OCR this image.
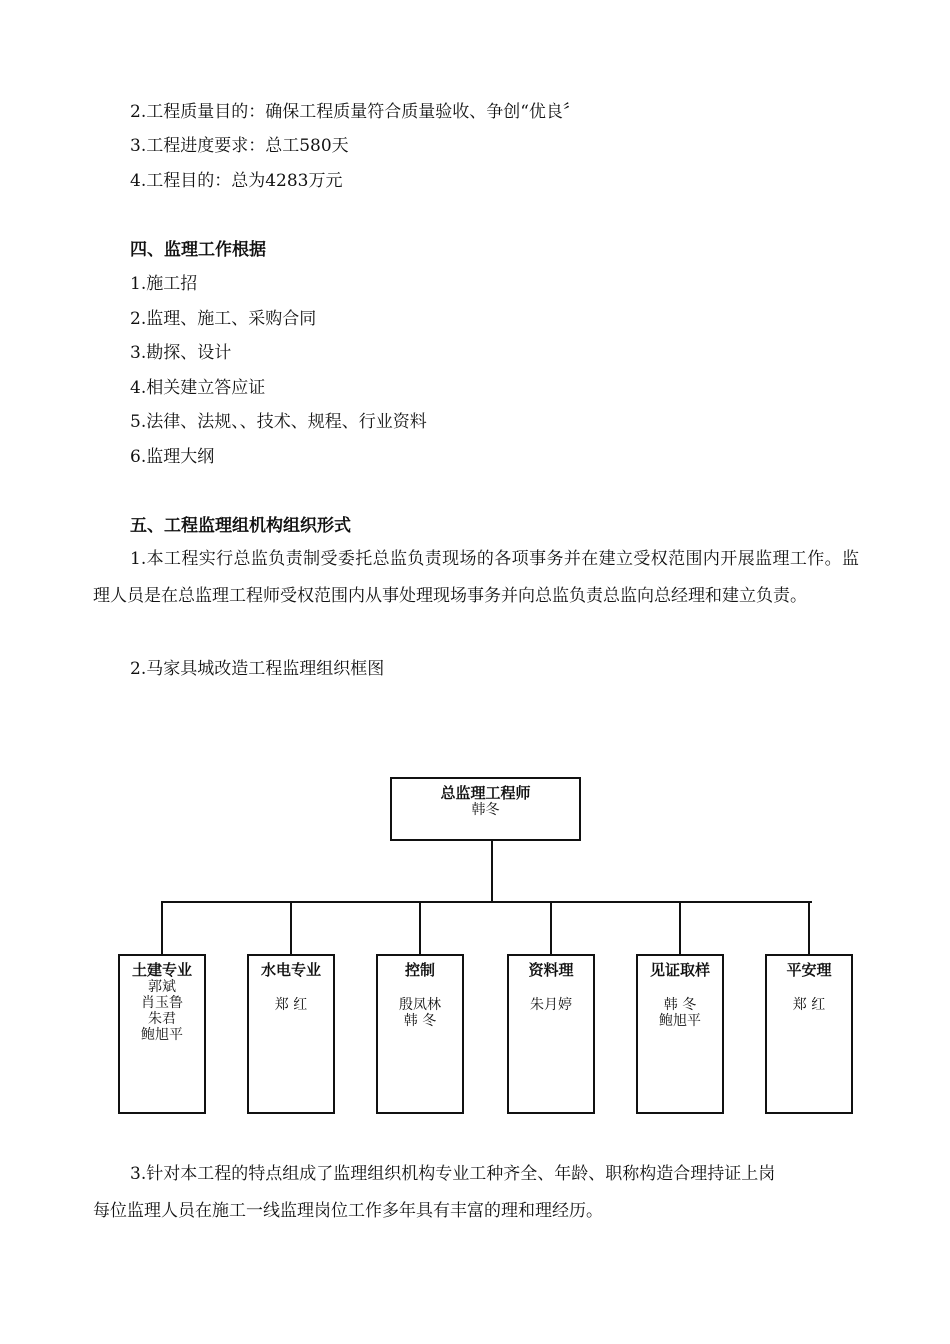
2.工程质量目的：确保工程质量符合质量验收、争创“优良〞
3.工程进度要求：总工580天
4.工程目的：总为4283万元
四、监理工作根据
1.施工招
2.监理、施工、采购合同
3.勘探、设计
4.相关建立答应证
5.法律、法规、、技术、规程、行业资料
6.监理大纲
五、工程监理组机构组织形式
1.本工程实行总监负责制受委托总监负责现场的各项事务并在建立受权范围内开展监理工作。监理人员是在总监理工程师受权范围内从事处理现场事务并向总监负责总监向总经理和建立负责。
2.马家具城改造工程监理组织框图
总监理工程师
韩冬
土建专业
郭斌
肖玉鲁
朱君
鲍旭平
水电专业
郑 红
控制
殷凤林
韩 冬
资料理
朱月婷
见证取样
韩 冬
鲍旭平
平安理
郑 红
3.针对本工程的特点组成了监理组织机构专业工种齐全、年龄、职称构造合理持证上岗
每位监理人员在施工一线监理岗位工作多年具有丰富的理和理经历。
